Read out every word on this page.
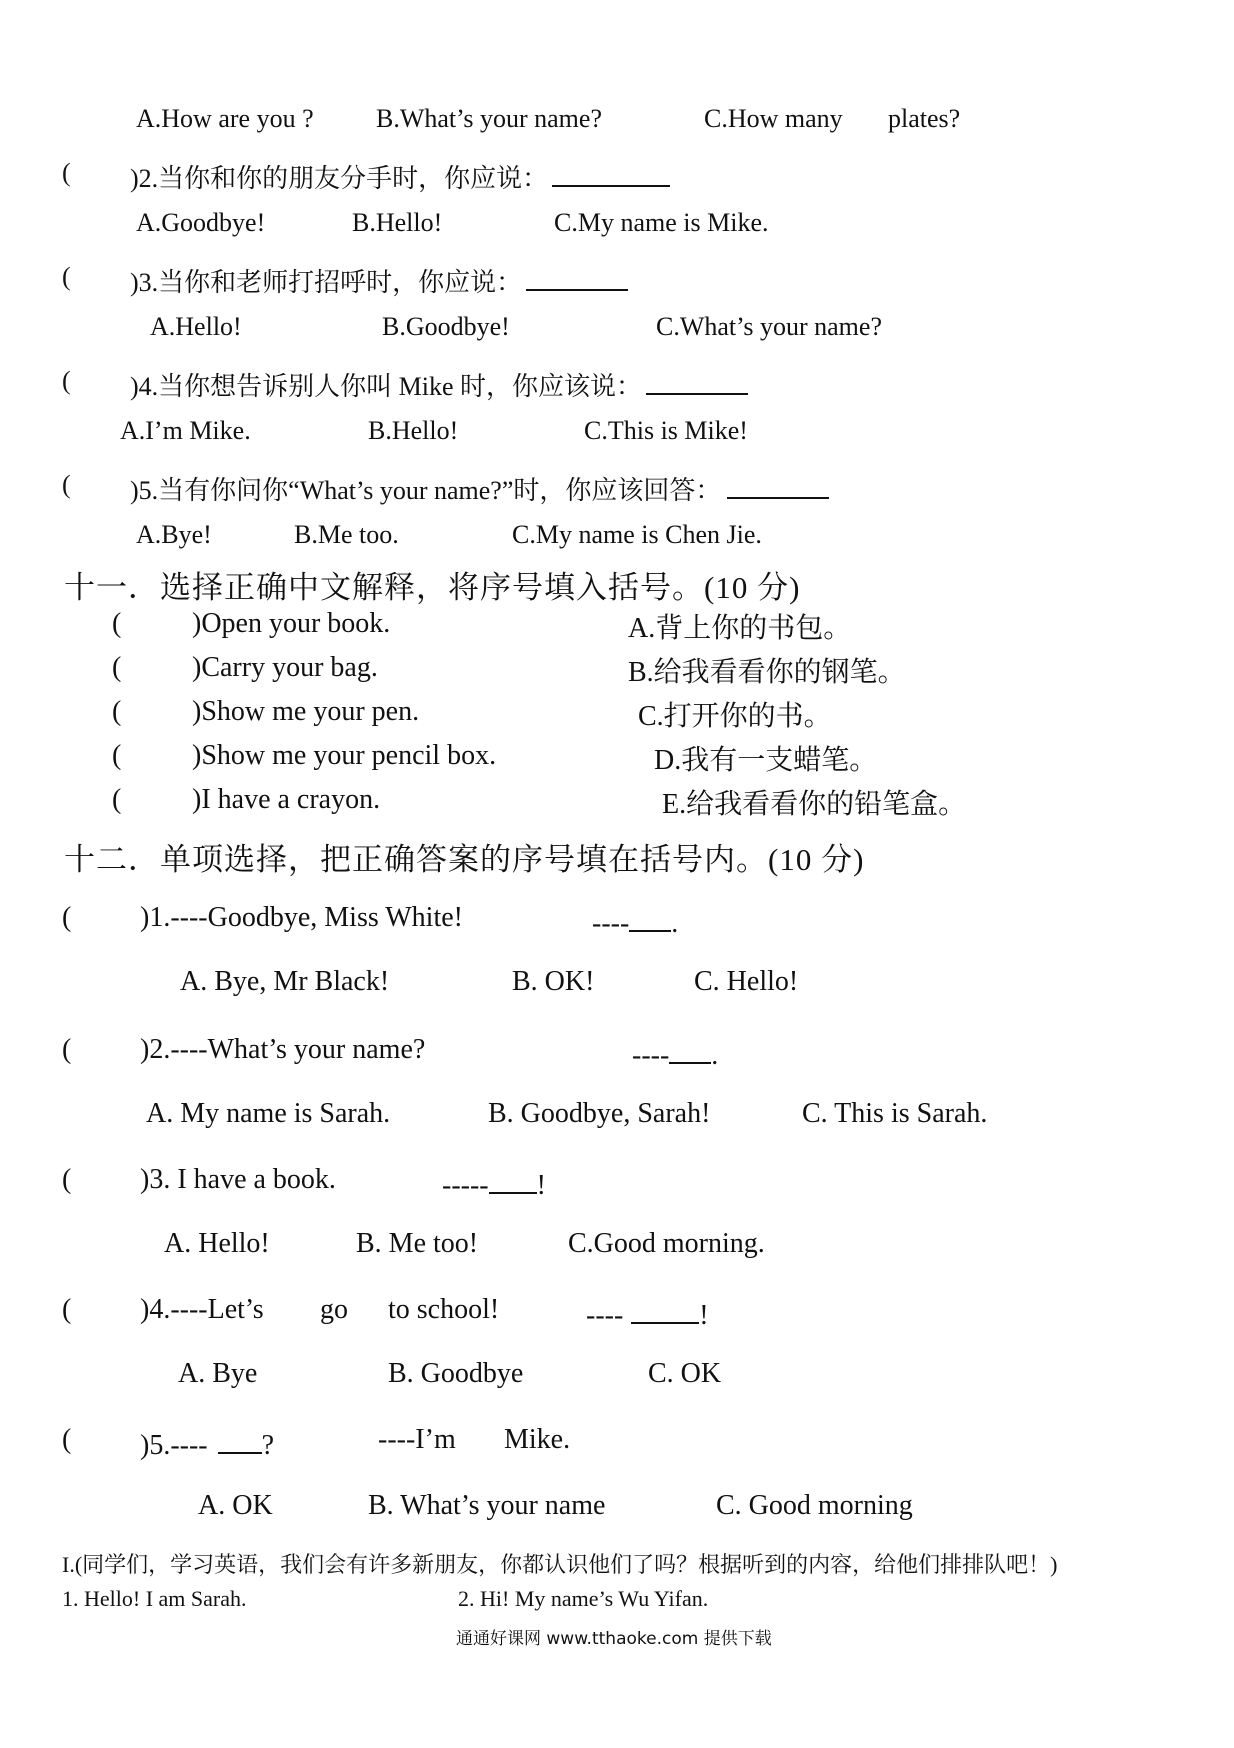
A.How are you ? B.What’s your name?	C.How many plates?
( )2.当你和你的朋友分手时，你应说：
A.Goodbye!	B.Hello!	C.My name is Mike.
( )3.当你和老师打招呼时，你应说：
A.Hello!	B.Goodbye!	C.What’s your name?
( )4.当你想告诉别人你叫 Mike 时，你应该说：
A.I’m Mike.	B.Hello!	C.This is Mike!
( )5.当有你问你“What’s your name?”时，你应该回答：
A.Bye!	B.Me too.	C.My name is Chen Jie.
十一．选择正确中文解释，将序号填入括号。(10 分)
(	)Open your book.	A.背上你的书包。
(	)Carry your bag.	B.给我看看你的钢笔。
(	)Show me your pen.	C.打开你的书。
(	)Show me your pencil box.	D.我有一支蜡笔。
(	)I have a crayon.	E.给我看看你的铅笔盒。
十二．单项选择，把正确答案的序号填在括号内。(10 分)
( )1.----Goodbye, Miss White!	---- .
A. Bye, Mr Black!	B. OK!	C. Hello!
( )2.----What’s your name?	---- .
A. My name is Sarah.	B. Goodbye, Sarah!	C. This is Sarah.
( )3. I have a book.	----- !
A. Hello!	B. Me too!	C.Good morning.
( )4.----Let’s go to school!	----	!
A. Bye	B. Goodbye	C. OK
( )5.---- ?	----I’m Mike.
A. OK	B. What’s your name	C. Good morning
I.(同学们，学习英语，我们会有许多新朋友，你都认识他们了吗？根据听到的内容，给他们排排队吧！)
1. Hello! I am Sarah.	2. Hi! My name’s Wu Yifan.
通通好课网 www.tthaoke.com 提供下载
